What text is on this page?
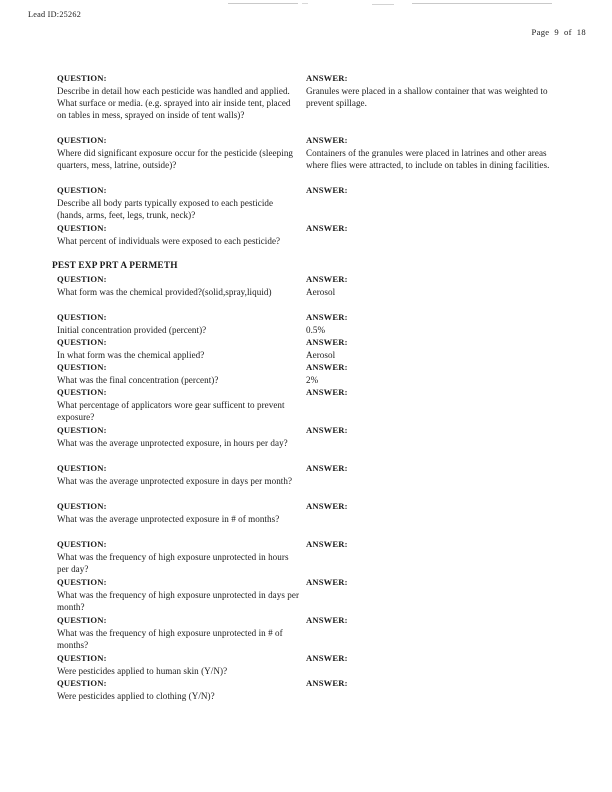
Lead ID:25262
Page 9 of 18
QUESTION:
Describe in detail how each pesticide was handled and applied. What surface or media. (e.g. sprayed into air inside tent, placed on tables in mess, sprayed on inside of tent walls)?
ANSWER:
Granules were placed in a shallow container that was weighted to prevent spillage.
QUESTION:
Where did significant exposure occur for the pesticide (sleeping quarters, mess, latrine, outside)?
ANSWER:
Containers of the granules were placed in latrines and other areas where flies were attracted, to include on tables in dining facilities.
QUESTION:
Describe all body parts typically exposed to each pesticide (hands, arms, feet, legs, trunk, neck)?
ANSWER:
QUESTION:
What percent of individuals were exposed to each pesticide?
ANSWER:
PEST EXP PRT A PERMETH
QUESTION:
What form was the chemical provided?(solid,spray,liquid)
ANSWER:
Aerosol
QUESTION:
Initial concentration provided (percent)?
ANSWER:
0.5%
QUESTION:
In what form was the chemical applied?
ANSWER:
Aerosol
QUESTION:
What was the final concentration (percent)?
ANSWER:
2%
QUESTION:
What percentage of applicators wore gear sufficent to prevent exposure?
ANSWER:
QUESTION:
What was the average unprotected exposure, in hours per day?
ANSWER:
QUESTION:
What was the average unprotected exposure in days per month?
ANSWER:
QUESTION:
What was the average unprotected exposure in # of months?
ANSWER:
QUESTION:
What was the frequency of high exposure unprotected in hours per day?
ANSWER:
QUESTION:
What was the frequency of high exposure unprotected in days per month?
ANSWER:
QUESTION:
What was the frequency of high exposure unprotected in # of months?
ANSWER:
QUESTION:
Were pesticides applied to human skin (Y/N)?
ANSWER:
QUESTION:
Were pesticides applied to clothing (Y/N)?
ANSWER:
